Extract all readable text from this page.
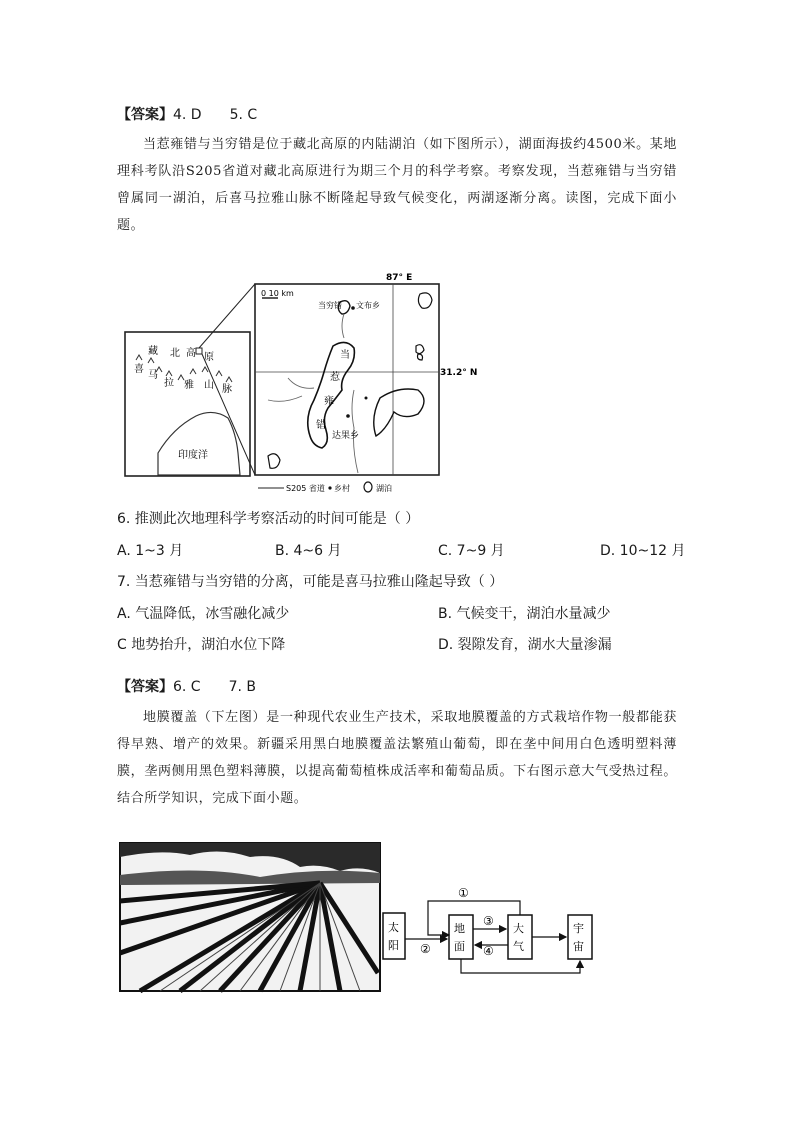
【答案】4. D 5. C
当惹雍错与当穷错是位于藏北高原的内陆湖泊（如下图所示），湖面海拔约4500米。某地理科考队沿S205省道对藏北高原进行为期三个月的科学考察。考察发现，当惹雍错与当穷错曾属同一湖泊，后喜马拉雅山脉不断隆起导致气候变化，两湖逐渐分离。读图，完成下面小题。
藏 北 高 原
喜
马
拉 雅 山 脉
印度洋
87° E
31.2° N
0 10 km
当穷错 文布乡
当
惹
雍
错
达果乡
S205 省道 乡村	湖泊
6. 推测此次地理科学考察活动的时间可能是（ ）
A. 1~3 月	B. 4~6 月	C. 7~9 月	D. 10~12 月
7. 当惹雍错与当穷错的分离，可能是喜马拉雅山隆起导致（ ）
A. 气温降低，冰雪融化减少	B. 气候变干，湖泊水量减少
C 地势抬升，湖泊水位下降	D. 裂隙发育，湖水大量渗漏
【答案】6. C 7. B
地膜覆盖（下左图）是一种现代农业生产技术，采取地膜覆盖的方式栽培作物一般都能获得早熟、增产的效果。新疆采用黑白地膜覆盖法繁殖山葡萄，即在垄中间用白色透明塑料薄膜，垄两侧用黑色塑料薄膜，以提高葡萄植株成活率和葡萄品质。下右图示意大气受热过程。结合所学知识，完成下面小题。
太
阳
地
面
大
气
宇
宙
①
②
③
④
